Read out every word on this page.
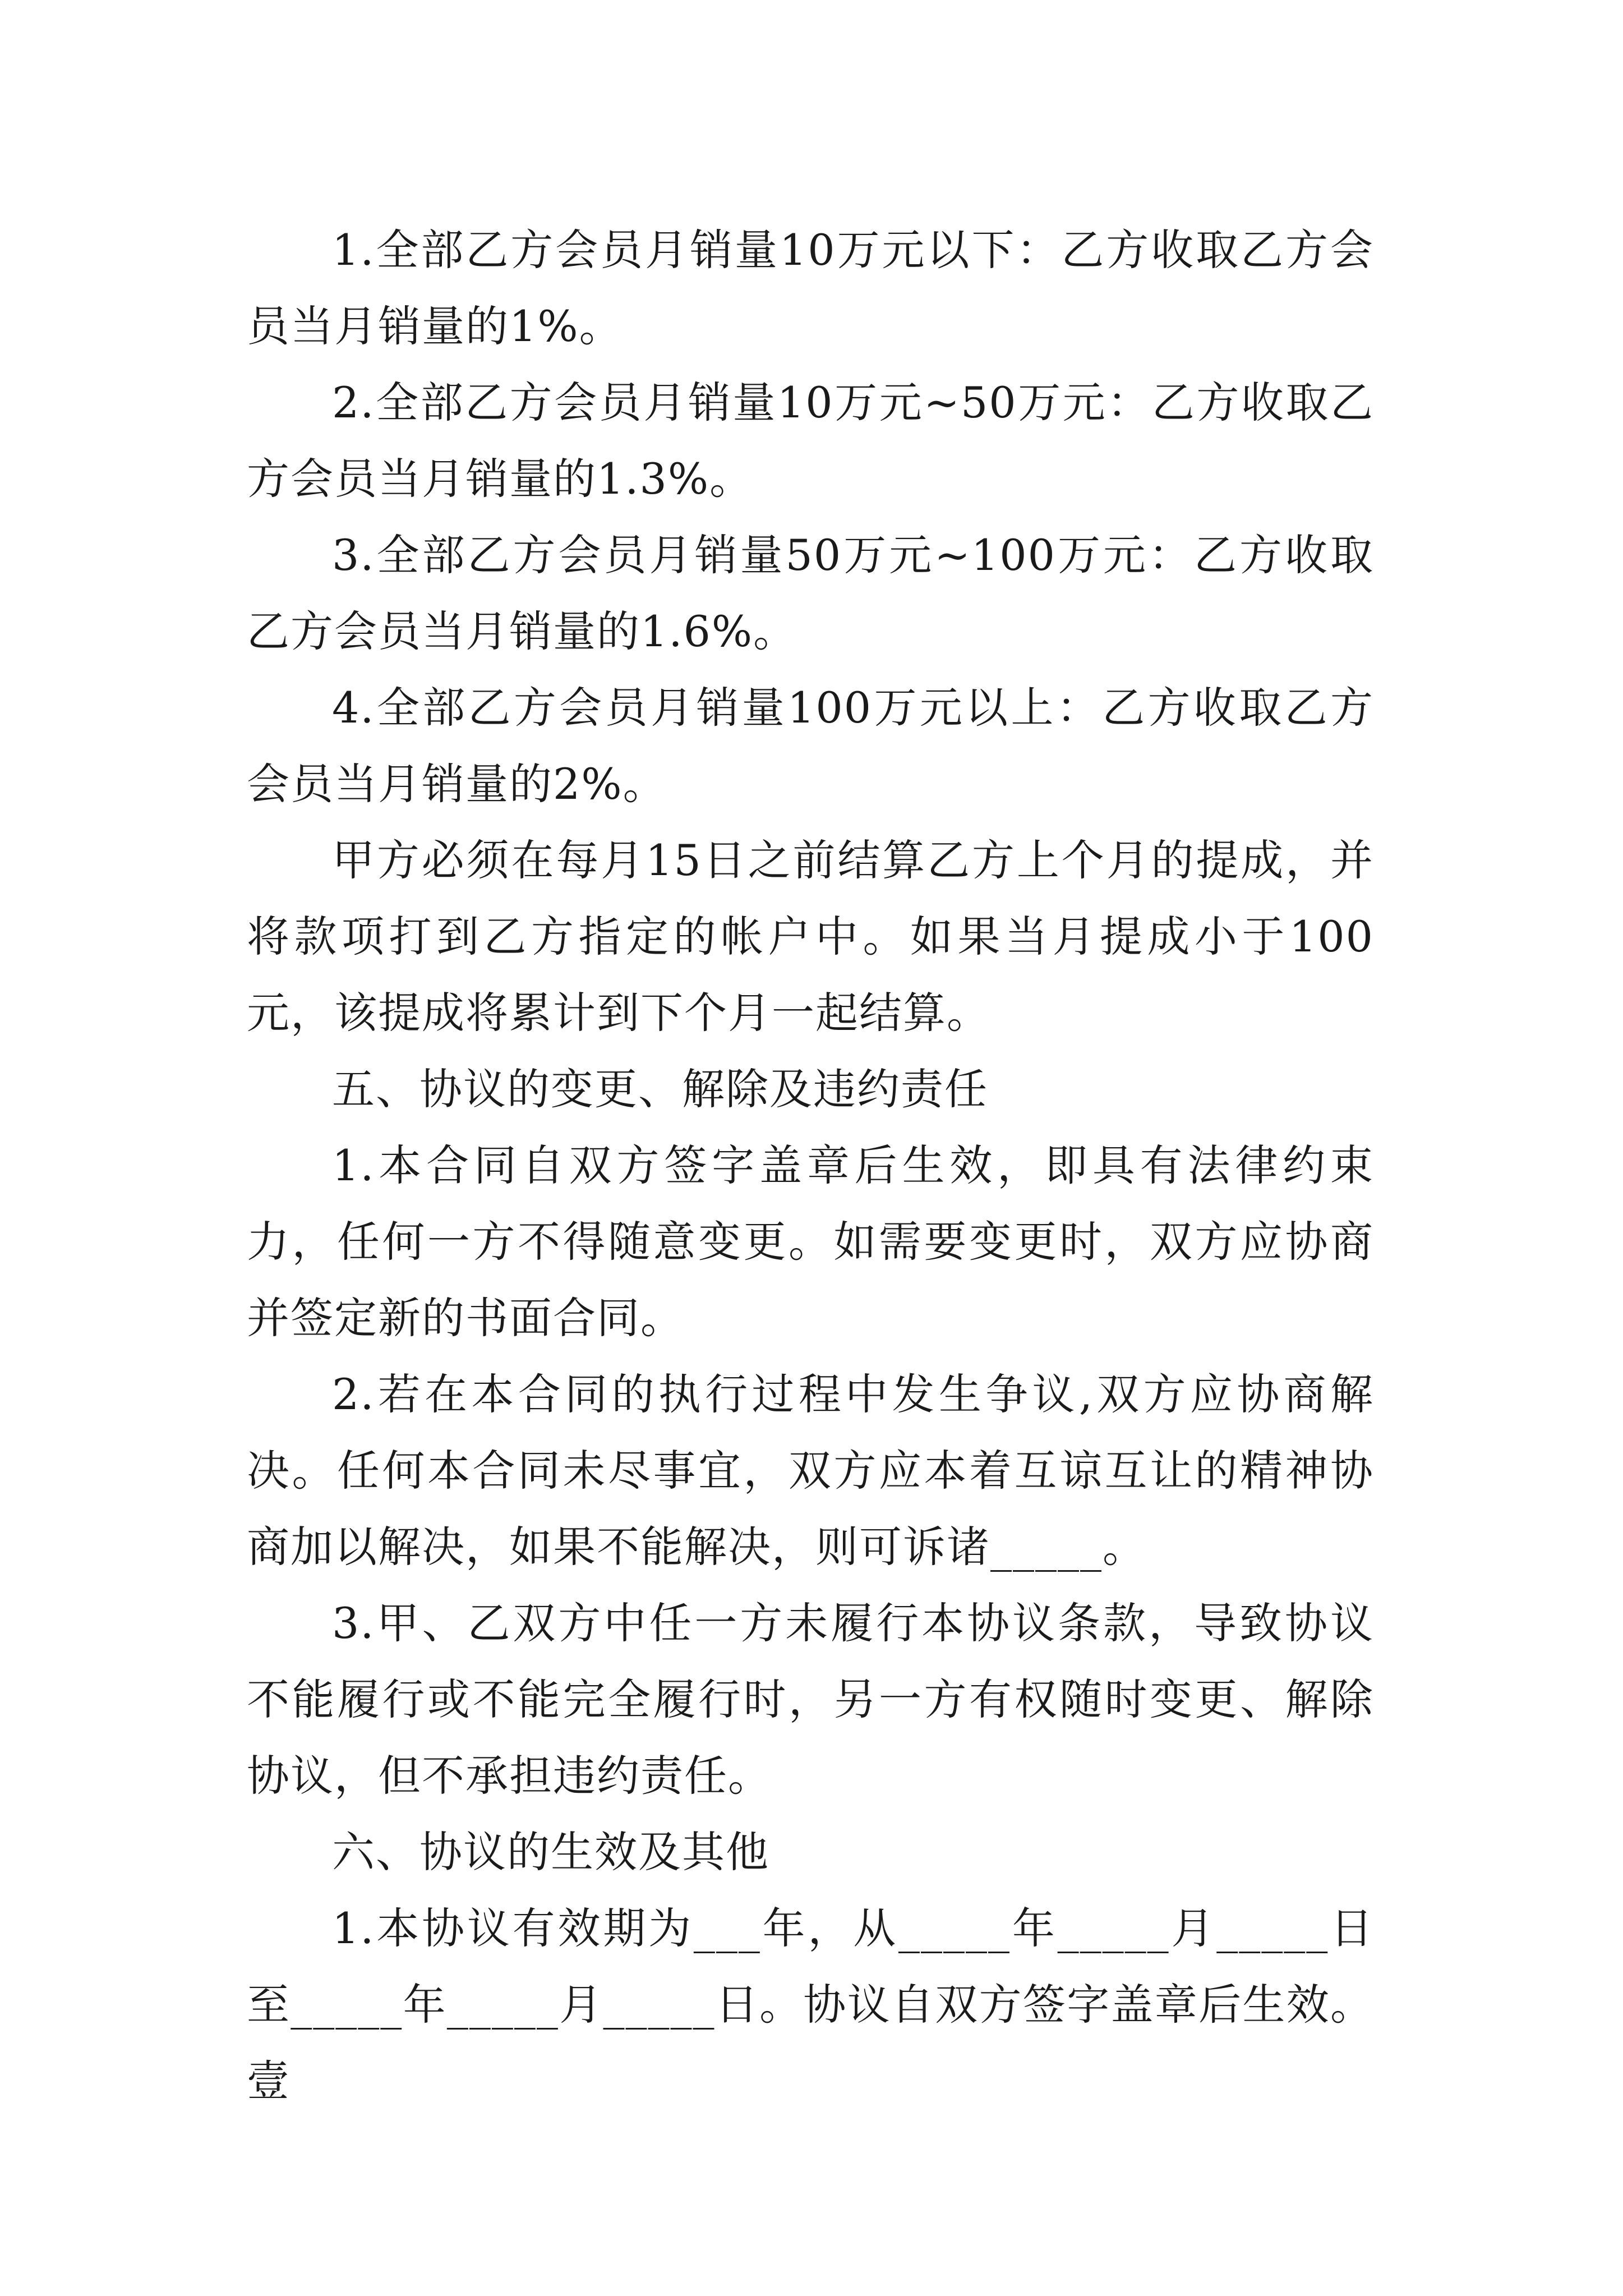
1.全部乙方会员月销量10万元以下：乙方收取乙方会员当月销量的1%。

2.全部乙方会员月销量10万元~50万元：乙方收取乙方会员当月销量的1.3%。

3.全部乙方会员月销量50万元~100万元：乙方收取乙方会员当月销量的1.6%。

4.全部乙方会员月销量100万元以上：乙方收取乙方会员当月销量的2%。

甲方必须在每月15日之前结算乙方上个月的提成，并将款项打到乙方指定的帐户中。如果当月提成小于100元，该提成将累计到下个月一起结算。

五、协议的变更、解除及违约责任

1.本合同自双方签字盖章后生效，即具有法律约束力，任何一方不得随意变更。如需要变更时，双方应协商并签定新的书面合同。

2.若在本合同的执行过程中发生争议,双方应协商解决。任何本合同未尽事宜，双方应本着互谅互让的精神协商加以解决，如果不能解决，则可诉诸_____。

3.甲、乙双方中任一方未履行本协议条款，导致协议不能履行或不能完全履行时，另一方有权随时变更、解除协议，但不承担违约责任。

六、协议的生效及其他

1.本协议有效期为___年，从_____年_____月_____日至_____年_____月_____日。协议自双方签字盖章后生效。壹
